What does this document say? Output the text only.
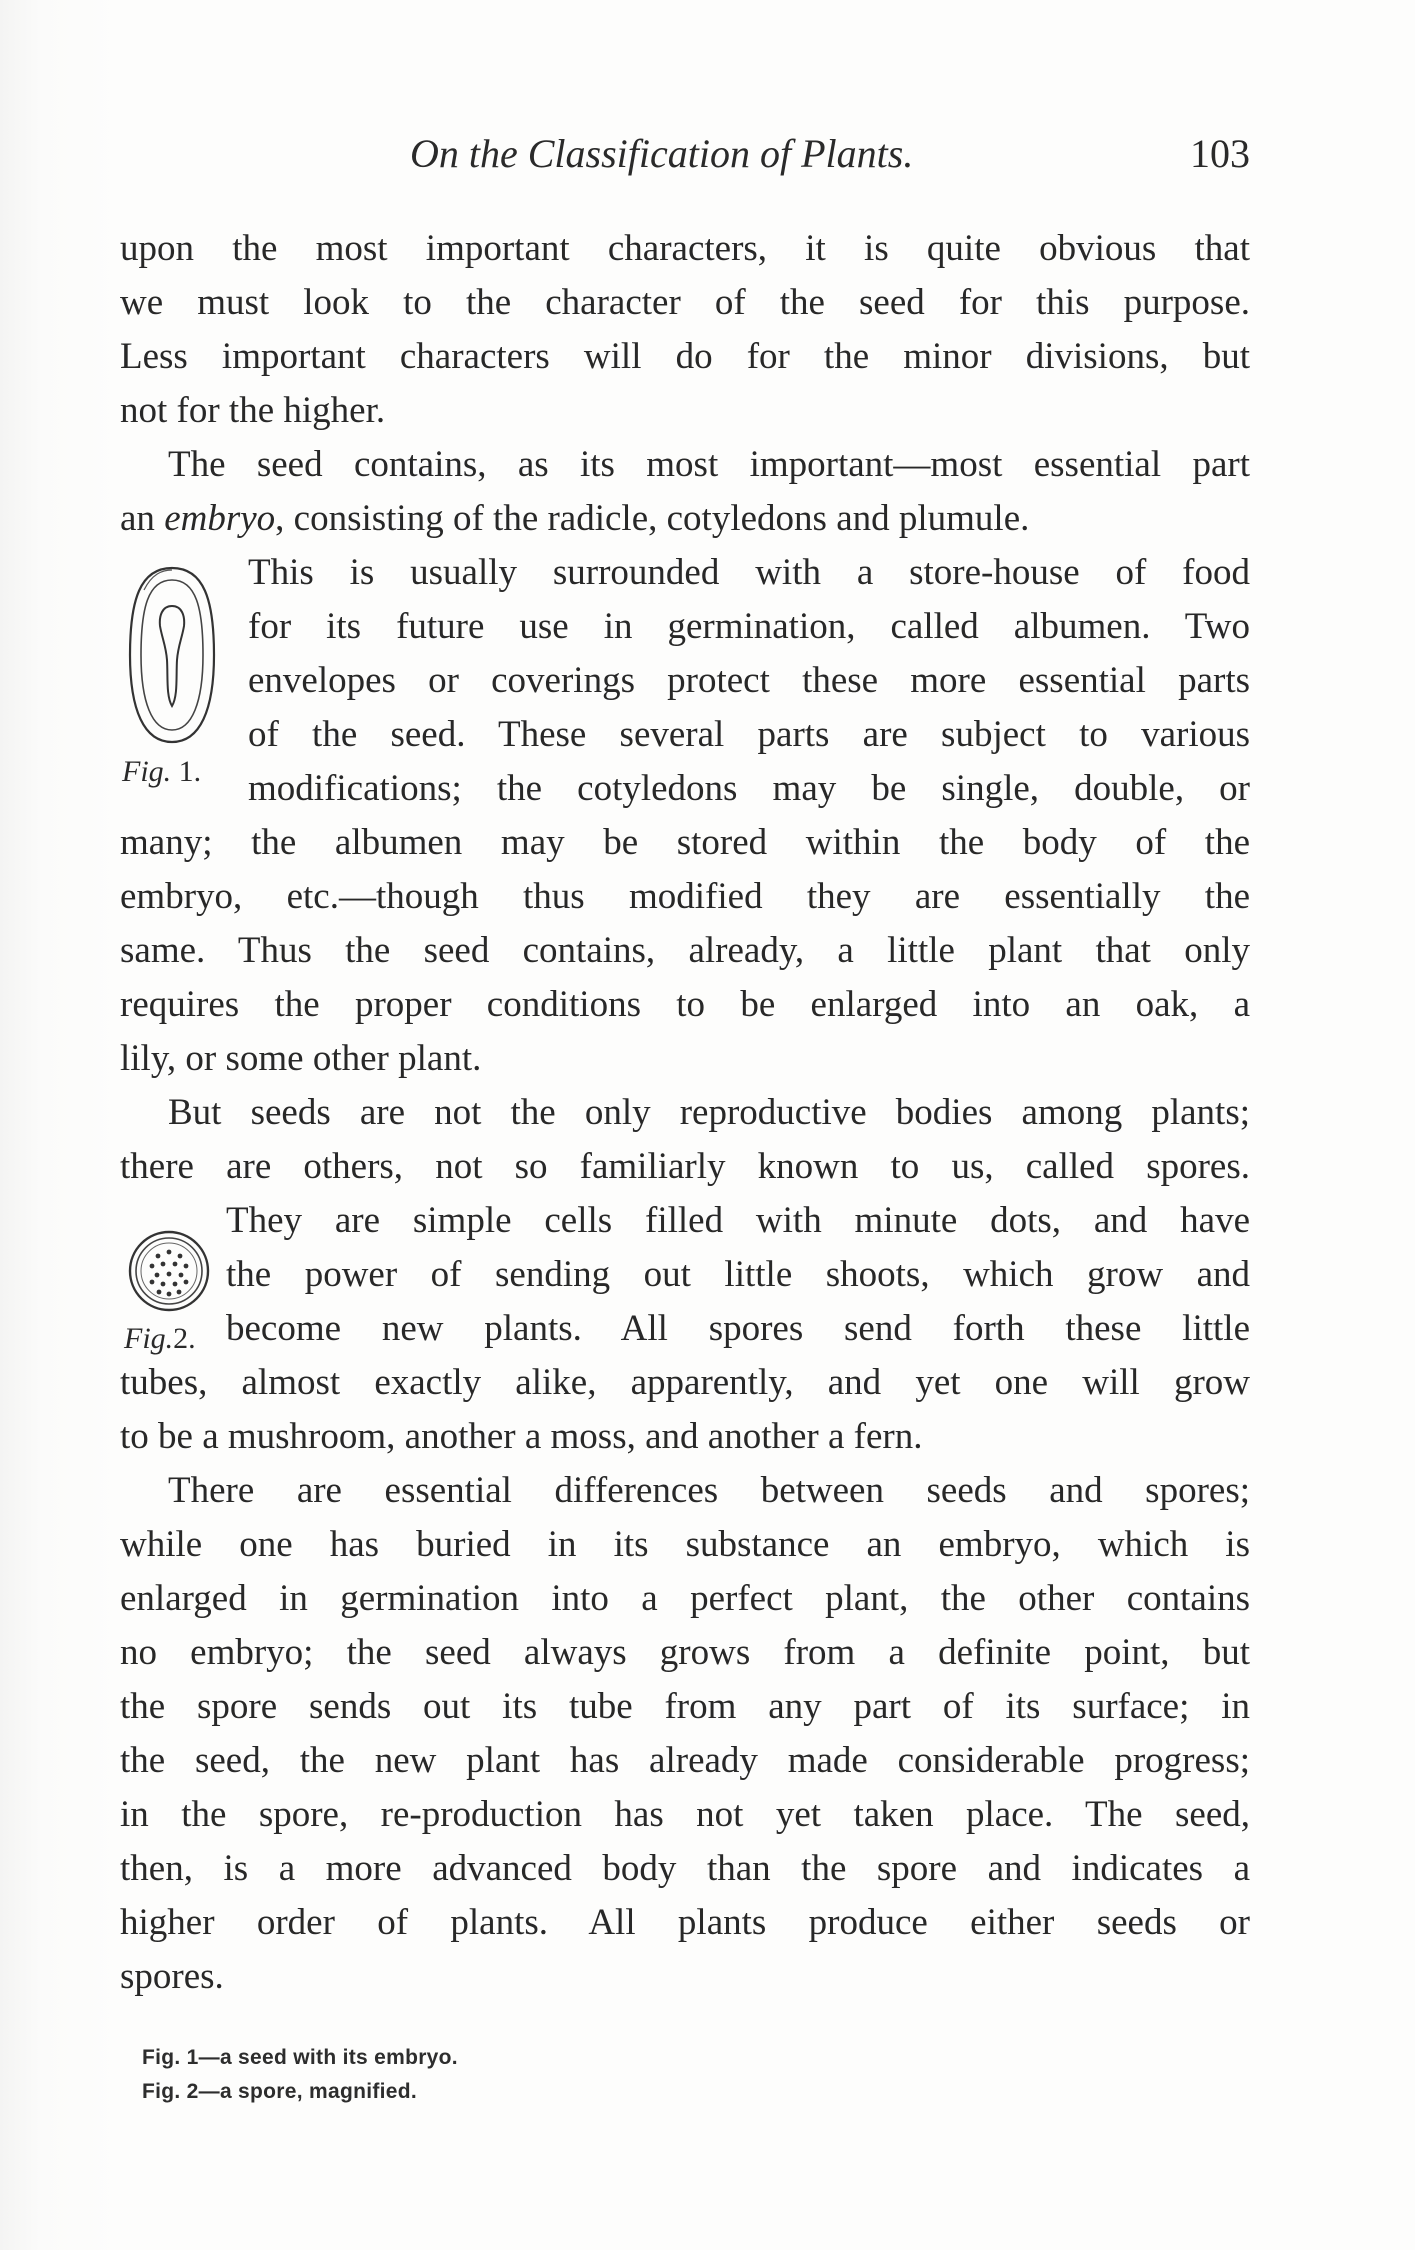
On the Classification of Plants.	103
upon the most important characters, it is quite obvious that
we must look to the character of the seed for this purpose.
Less important characters will do for the minor divisions, but
not for the higher.
The seed contains, as its most important—most essential part
an embryo, consisting of the radicle, cotyledons and plumule.
This is usually surrounded with a store-house of food
for its future use in germination, called albumen. Two
envelopes or coverings protect these more essential parts
of the seed. These several parts are subject to various
modifications; the cotyledons may be single, double, or
many; the albumen may be stored within the body of the
embryo, etc.—though thus modified they are essentially the
same. Thus the seed contains, already, a little plant that only
requires the proper conditions to be enlarged into an oak, a
lily, or some other plant.
But seeds are not the only reproductive bodies among plants;
there are others, not so familiarly known to us, called spores.
They are simple cells filled with minute dots, and have
the power of sending out little shoots, which grow and
become new plants. All spores send forth these little
tubes, almost exactly alike, apparently, and yet one will grow
to be a mushroom, another a moss, and another a fern.
There are essential differences between seeds and spores;
while one has buried in its substance an embryo, which is
enlarged in germination into a perfect plant, the other contains
no embryo; the seed always grows from a definite point, but
the spore sends out its tube from any part of its surface; in
the seed, the new plant has already made considerable progress;
in the spore, re-production has not yet taken place. The seed,
then, is a more advanced body than the spore and indicates a
higher order of plants. All plants produce either seeds or
spores.
Fig. 1.
Fig.2.
Fig. 1—a seed with its embryo.
Fig. 2—a spore, magnified.
